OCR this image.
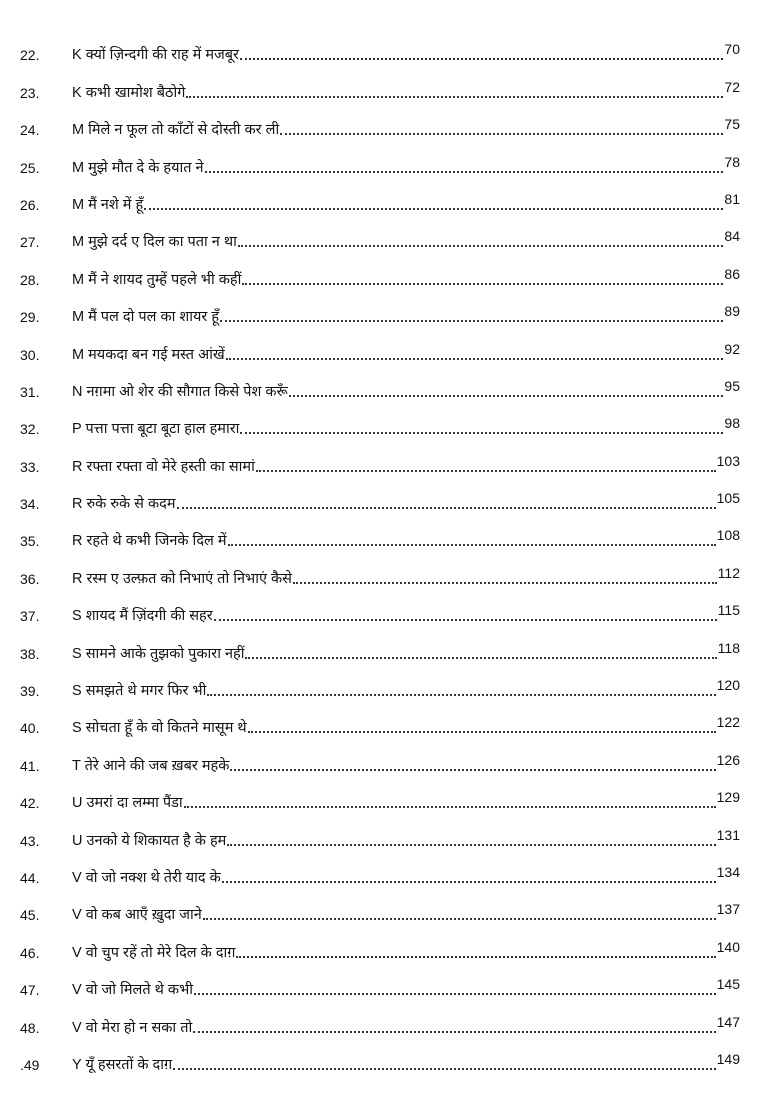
22.	K क्यों ज़िन्दगी की राह में मजबूर	70
23.	K कभी खामोश बैठोगे	72
24.	M मिले न फूल तो काँटों से दोस्ती कर ली	75
25.	M मुझे मौत दे के हयात ने	78
26.	M मैं नशे में हूँ	81
27.	M मुझे दर्द ए दिल का पता न था	84
28.	M मैं ने शायद तुम्हें पहले भी कहीं	86
29.	M मैं पल दो पल का शायर हूँ	89
30.	M मयकदा बन गई मस्त आंखें	92
31.	N नग़मा ओ शेर की सौगात किसे पेश करूँ	95
32.	P पत्ता पत्ता बूटा बूटा हाल हमारा	98
33.	R रफ्ता रफ्ता वो मेरे हस्ती का सामां	103
34.	R रुके रुके से कदम	105
35.	R रहते थे कभी जिनके दिल में	108
36.	R रस्म ए उल्फ़त को निभाएं तो निभाएं कैसे	112
37.	S शायद मैं ज़िंदगी की सहर	115
38.	S सामने आके तुझको पुकारा नहीं	118
39.	S समझते थे मगर फिर भी	120
40.	S सोचता हूँ के वो कितने मासूम थे	122
41.	T तेरे आने की जब ख़बर महके	126
42.	U उमरां दा लम्मा पैंडा	129
43.	U उनको ये शिकायत है के हम	131
44.	V वो जो नक्श थे तेरी याद के	134
45.	V वो कब आएँ ख़ुदा जाने	137
46.	V वो चुप रहें तो मेरे दिल के दाग़	140
47.	V वो जो मिलते थे कभी	145
48.	V वो मेरा हो न सका तो	147
.49	Y यूँ हसरतों के दाग़	149
